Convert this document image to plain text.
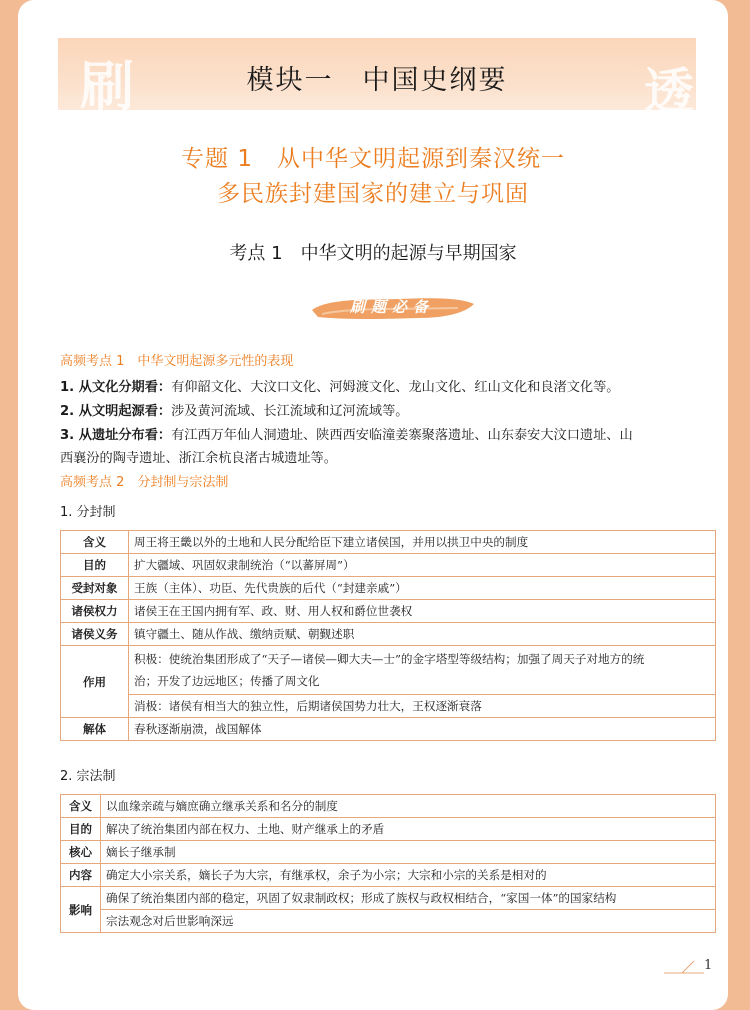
刷	透
模块一　中国史纲要
专题 1　从中华文明起源到秦汉统一
多民族封建国家的建立与巩固
考点 1　中华文明的起源与早期国家
刷题必备
高频考点 1　中华文明起源多元性的表现
1. 从文化分期看：有仰韶文化、大汶口文化、河姆渡文化、龙山文化、红山文化和良渚文化等。
2. 从文明起源看：涉及黄河流域、长江流域和辽河流域等。
3. 从遗址分布看：有江西万年仙人洞遗址、陕西西安临潼姜寨聚落遗址、山东泰安大汶口遗址、山
西襄汾的陶寺遗址、浙江余杭良渚古城遗址等。
高频考点 2　分封制与宗法制
1. 分封制
含义	周王将王畿以外的土地和人民分配给臣下建立诸侯国，并用以拱卫中央的制度
目的	扩大疆域、巩固奴隶制统治（“以蕃屏周”）
受封对象	王族（主体）、功臣、先代贵族的后代（“封建亲戚”）
诸侯权力	诸侯王在王国内拥有军、政、财、用人权和爵位世袭权
诸侯义务	镇守疆土、随从作战、缴纳贡赋、朝觐述职
作用	积极：使统治集团形成了“天子—诸侯—卿大夫—士”的金字塔型等级结构；加强了周天子对地方的统
治；开发了边远地区；传播了周文化
	消极：诸侯有相当大的独立性，后期诸侯国势力壮大，王权逐渐衰落
解体	春秋逐渐崩溃，战国解体
2. 宗法制
含义	以血缘亲疏与嫡庶确立继承关系和名分的制度
目的	解决了统治集团内部在权力、土地、财产继承上的矛盾
核心	嫡长子继承制
内容	确定大小宗关系，嫡长子为大宗，有继承权，余子为小宗；大宗和小宗的关系是相对的
影响	确保了统治集团内部的稳定，巩固了奴隶制政权；形成了族权与政权相结合，“家国一体”的国家结构
	宗法观念对后世影响深远
1
